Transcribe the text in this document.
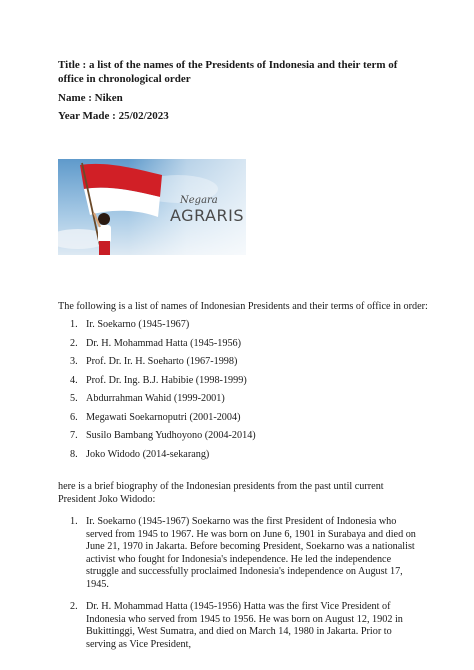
Title : a list of the names of the Presidents of Indonesia and their term of office in chronological order
Name : Niken
Year Made : 25/02/2023
Negara
AGRARIS
The following is a list of names of Indonesian Presidents and their terms of office in order:
1. Ir. Soekarno (1945-1967)
2. Dr. H. Mohammad Hatta (1945-1956)
3. Prof. Dr. Ir. H. Soeharto (1967-1998)
4. Prof. Dr. Ing. B.J. Habibie (1998-1999)
5. Abdurrahman Wahid (1999-2001)
6. Megawati Soekarnoputri (2001-2004)
7. Susilo Bambang Yudhoyono (2004-2014)
8. Joko Widodo (2014-sekarang)
here is a brief biography of the Indonesian presidents from the past until current President Joko Widodo:
1. Ir. Soekarno (1945-1967) Soekarno was the first President of Indonesia who served from 1945 to 1967. He was born on June 6, 1901 in Surabaya and died on June 21, 1970 in Jakarta. Before becoming President, Soekarno was a nationalist activist who fought for Indonesia's independence. He led the independence struggle and successfully proclaimed Indonesia's independence on August 17, 1945.
2. Dr. H. Mohammad Hatta (1945-1956) Hatta was the first Vice President of Indonesia who served from 1945 to 1956. He was born on August 12, 1902 in Bukittinggi, West Sumatra, and died on March 14, 1980 in Jakarta. Prior to serving as Vice President,
